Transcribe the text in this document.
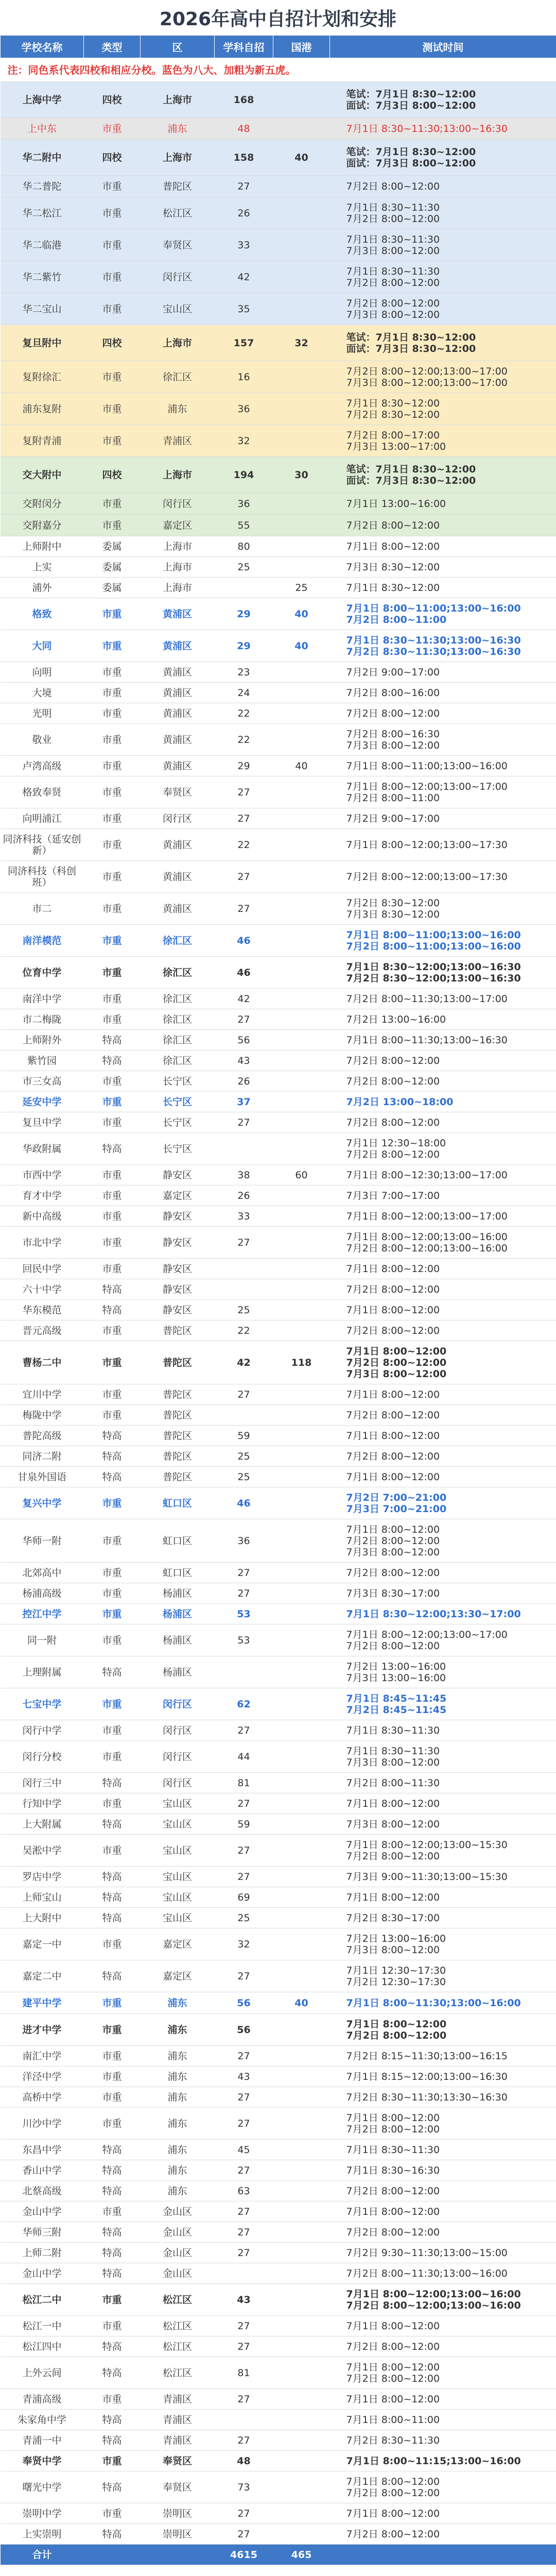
2026年高中自招计划和安排
学校名称	类型	区	学科自招	国港	测试时间
注：同色系代表四校和相应分校。蓝色为八大、加粗为新五虎。					
上海中学	四校	上海市	168		笔试：7月1日 8:30~12:00
面试：7月3日 8:00~12:00

上中东	市重	浦东	48		7月1日 8:30~11:30;13:00~16:30

华二附中	四校	上海市	158	40	笔试：7月1日 8:30~12:00
面试：7月3日 8:00~12:00

华二普陀	市重	普陀区	27		7月2日 8:00~12:00

华二松江	市重	松江区	26		7月1日 8:30~11:30
7月2日 8:00~12:00

华二临港	市重	奉贤区	33		7月1日 8:30~11:30
7月3日 8:00~12:00

华二紫竹	市重	闵行区	42		7月1日 8:30~11:30
7月2日 8:00~12:00

华二宝山	市重	宝山区	35		7月2日 8:00~12:00
7月3日 8:00~12:00

复旦附中	四校	上海市	157	32	笔试：7月1日 8:30~12:00
面试：7月3日 8:30~12:00

复附徐汇	市重	徐汇区	16		7月2日 8:00~12:00;13:00~17:00
7月3日 8:00~12:00;13:00~17:00

浦东复附	市重	浦东	36		7月1日 8:30~12:00
7月2日 8:30~12:00

复附青浦	市重	青浦区	32		7月2日 8:00~17:00
7月3日 13:00~17:00

交大附中	四校	上海市	194	30	笔试：7月1日 8:30~12:00
面试：7月3日 8:30~12:00

交附闵分	市重	闵行区	36		7月1日 13:00~16:00

交附嘉分	市重	嘉定区	55		7月2日 8:00~12:00

上师附中	委属	上海市	80		7月1日 8:00~12:00

上实	委属	上海市	25		7月3日 8:30~12:00

浦外	委属	上海市		25	7月1日 8:30~12:00

格致	市重	黄浦区	29	40	7月1日 8:00~11:00;13:00~16:00
7月2日 8:00~11:00

大同	市重	黄浦区	29	40	7月1日 8:30~11:30;13:00~16:30
7月2日 8:30~11:30;13:00~16:30

向明	市重	黄浦区	23		7月2日 9:00~17:00

大境	市重	黄浦区	24		7月2日 8:00~16:00

光明	市重	黄浦区	22		7月2日 8:00~12:00

敬业	市重	黄浦区	22		7月2日 8:00~16:30
7月3日 8:00~12:00

卢湾高级	市重	黄浦区	29	40	7月1日 8:00~11:00;13:00~16:00

格致奉贤	市重	奉贤区	27		7月1日 8:00~12:00;13:00~17:00
7月2日 8:00~11:00

向明浦江	市重	闵行区	27		7月2日 9:00~17:00

同济科技（延安创新）	市重	黄浦区	22		7月1日 8:00~12:00;13:00~17:30

同济科技（科创班）	市重	黄浦区	27		7月2日 8:00~12:00;13:00~17:30

市二	市重	黄浦区	27		7月2日 8:30~12:00
7月3日 8:30~12:00

南洋模范	市重	徐汇区	46		7月1日 8:00~11:00;13:00~16:00
7月2日 8:00~11:00;13:00~16:00

位育中学	市重	徐汇区	46		7月1日 8:30~12:00;13:00~16:30
7月2日 8:30~12:00;13:00~16:30

南洋中学	市重	徐汇区	42		7月2日 8:00~11:30;13:00~17:00

市二梅陇	市重	徐汇区	27		7月2日 13:00~16:00

上师附外	特高	徐汇区	56		7月1日 8:00~11:30;13:00~16:30

紫竹园	特高	徐汇区	43		7月2日 8:00~12:00

市三女高	市重	长宁区	26		7月2日 8:00~12:00

延安中学	市重	长宁区	37		7月2日 13:00~18:00

复旦中学	市重	长宁区	27		7月2日 8:00~12:00

华政附属	特高	长宁区			7月1日 12:30~18:00
7月2日 8:00~12:00

市西中学	市重	静安区	38	60	7月1日 8:00~12:30;13:00~17:00

育才中学	市重	嘉定区	26		7月3日 7:00~17:00

新中高级	市重	静安区	33		7月1日 8:00~12:00;13:00~17:00

市北中学	市重	静安区	27		7月1日 8:00~12:00;13:00~16:00
7月2日 8:00~12:00;13:00~16:00

回民中学	市重	静安区			7月1日 8:00~12:00

六十中学	特高	静安区			7月2日 8:00~12:00

华东模范	特高	静安区	25		7月1日 8:00~12:00

晋元高级	市重	普陀区	22		7月2日 8:00~12:00

曹杨二中	市重	普陀区	42	118	7月1日 8:00~12:00
7月2日 8:00~12:00
7月3日 8:00~12:00

宜川中学	市重	普陀区	27		7月1日 8:00~12:00

梅陇中学	市重	普陀区			7月2日 8:00~12:00

普陀高级	特高	普陀区	59		7月1日 8:00~12:00

同济二附	特高	普陀区	25		7月2日 8:00~12:00

甘泉外国语	特高	普陀区	25		7月1日 8:00~12:00

复兴中学	市重	虹口区	46		7月2日 7:00~21:00
7月3日 7:00~21:00

华师一附	市重	虹口区	36		7月1日 8:00~12:00
7月2日 8:00~12:00
7月3日 8:00~12:00

北郊高中	市重	虹口区	27		7月2日 8:00~12:00

杨浦高级	市重	杨浦区	27		7月3日 8:30~17:00

控江中学	市重	杨浦区	53		7月1日 8:30~12:00;13:30~17:00

同一附	市重	杨浦区	53		7月1日 8:00~12:00;13:00~17:00
7月2日 8:00~12:00

上理附属	特高	杨浦区			7月2日 13:00~16:00
7月3日 13:00~16:00

七宝中学	市重	闵行区	62		7月1日 8:45~11:45
7月2日 8:45~11:45

闵行中学	市重	闵行区	27		7月1日 8:30~11:30

闵行分校	市重	闵行区	44		7月1日 8:30~11:30
7月3日 8:00~12:00

闵行三中	特高	闵行区	81		7月2日 8:00~11:30

行知中学	市重	宝山区	27		7月1日 8:00~12:00

上大附属	特高	宝山区	59		7月3日 8:00~12:00

吴淞中学	市重	宝山区	27		7月1日 8:00~12:00;13:00~15:30
7月2日 8:00~12:00

罗店中学	特高	宝山区	27		7月3日 9:00~11:30;13:00~15:30

上师宝山	特高	宝山区	69		7月1日 8:00~12:00

上大附中	特高	宝山区	25		7月2日 8:30~17:00

嘉定一中	市重	嘉定区	32		7月2日 13:00~16:00
7月3日 8:00~12:00

嘉定二中	特高	嘉定区	27		7月1日 12:30~17:30
7月2日 12:30~17:30

建平中学	市重	浦东	56	40	7月1日 8:00~11:30;13:00~16:00

进才中学	市重	浦东	56		7月1日 8:00~12:00
7月2日 8:00~12:00

南汇中学	市重	浦东	27		7月2日 8:15~11:30;13:00~16:15

洋泾中学	市重	浦东	43		7月1日 8:15~12:00;13:00~16:30

高桥中学	市重	浦东	27		7月2日 8:30~11:30;13:30~16:30

川沙中学	市重	浦东	27		7月1日 8:00~12:00
7月2日 8:00~12:00

东昌中学	特高	浦东	45		7月1日 8:30~11:30

香山中学	特高	浦东	27		7月1日 8:30~16:30

北蔡高级	特高	浦东	63		7月2日 8:00~12:00

金山中学	市重	金山区	27		7月1日 8:00~12:00

华师三附	特高	金山区	27		7月2日 8:00~12:00

上师二附	特高	金山区	27		7月2日 9:30~11:30;13:00~15:00

金山中学	特高	金山区			7月2日 8:00~11:30;13:00~16:00

松江二中	市重	松江区	43		7月1日 8:00~12:00;13:00~16:00
7月2日 8:00~12:00;13:00~16:00

松江一中	市重	松江区	27		7月1日 8:00~12:00

松江四中	特高	松江区	27		7月2日 8:00~12:00

上外云间	特高	松江区	81		7月1日 8:00~12:00
7月2日 8:00~12:00

青浦高级	市重	青浦区	27		7月1日 8:00~12:00

朱家角中学	特高	青浦区			7月1日 8:00~11:00

青浦一中	特高	青浦区	27		7月2日 8:30~11:30

奉贤中学	市重	奉贤区	48		7月1日 8:00~11:15;13:00~16:00

曙光中学	特高	奉贤区	73		7月1日 8:00~12:00
7月2日 8:00~12:00

崇明中学	市重	崇明区	27		7月1日 8:00~12:00

上实崇明	特高	崇明区	27		7月2日 8:00~12:00

合计			4615	465	
